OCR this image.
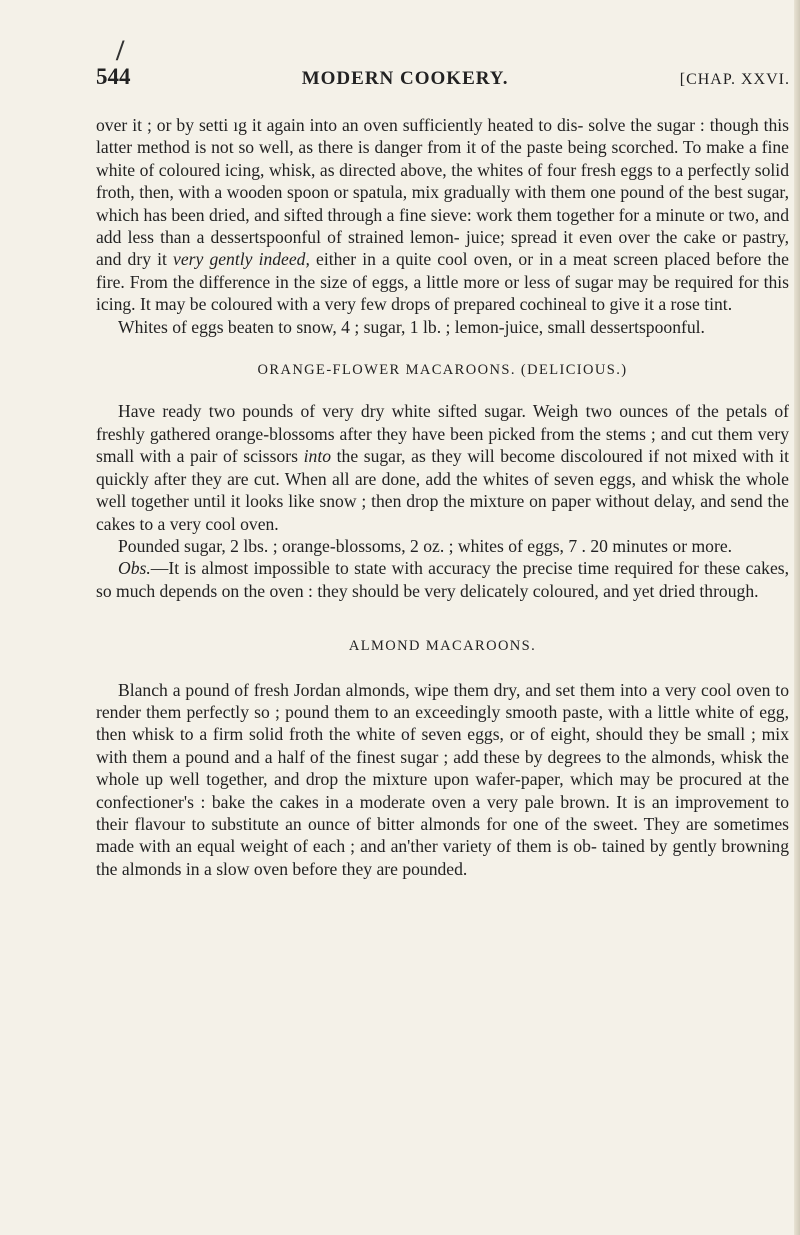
/
544	MODERN COOKERY.	[CHAP. XXVI.

over it ; or by setti ıg it again into an oven sufficiently heated to dis- solve the sugar : though this latter method is not so well, as there is danger from it of the paste being scorched. To make a fine white of coloured icing, whisk, as directed above, the whites of four fresh eggs to a perfectly solid froth, then, with a wooden spoon or spatula, mix gradually with them one pound of the best sugar, which has been dried, and sifted through a fine sieve: work them together for a minute or two, and add less than a dessertspoonful of strained lemon- juice; spread it even over the cake or pastry, and dry it very gently indeed, either in a quite cool oven, or in a meat screen placed before the fire. From the difference in the size of eggs, a little more or less of sugar may be required for this icing. It may be coloured with a very few drops of prepared cochineal to give it a rose tint.

Whites of eggs beaten to snow, 4 ; sugar, 1 lb. ; lemon-juice, small dessertspoonful.

ORANGE-FLOWER MACAROONS. (DELICIOUS.)

Have ready two pounds of very dry white sifted sugar. Weigh two ounces of the petals of freshly gathered orange-blossoms after they have been picked from the stems ; and cut them very small with a pair of scissors into the sugar, as they will become discoloured if not mixed with it quickly after they are cut. When all are done, add the whites of seven eggs, and whisk the whole well together until it looks like snow ; then drop the mixture on paper without delay, and send the cakes to a very cool oven.

Pounded sugar, 2 lbs. ; orange-blossoms, 2 oz. ; whites of eggs, 7 . 20 minutes or more.

Obs.—It is almost impossible to state with accuracy the precise time required for these cakes, so much depends on the oven : they should be very delicately coloured, and yet dried through.

ALMOND MACAROONS.

Blanch a pound of fresh Jordan almonds, wipe them dry, and set them into a very cool oven to render them perfectly so ; pound them to an exceedingly smooth paste, with a little white of egg, then whisk to a firm solid froth the white of seven eggs, or of eight, should they be small ; mix with them a pound and a half of the finest sugar ; add these by degrees to the almonds, whisk the whole up well together, and drop the mixture upon wafer-paper, which may be procured at the confectioner's : bake the cakes in a moderate oven a very pale brown. It is an improvement to their flavour to substitute an ounce of bitter almonds for one of the sweet. They are sometimes made with an equal weight of each ; and an'ther variety of them is ob- tained by gently browning the almonds in a slow oven before they are pounded.
